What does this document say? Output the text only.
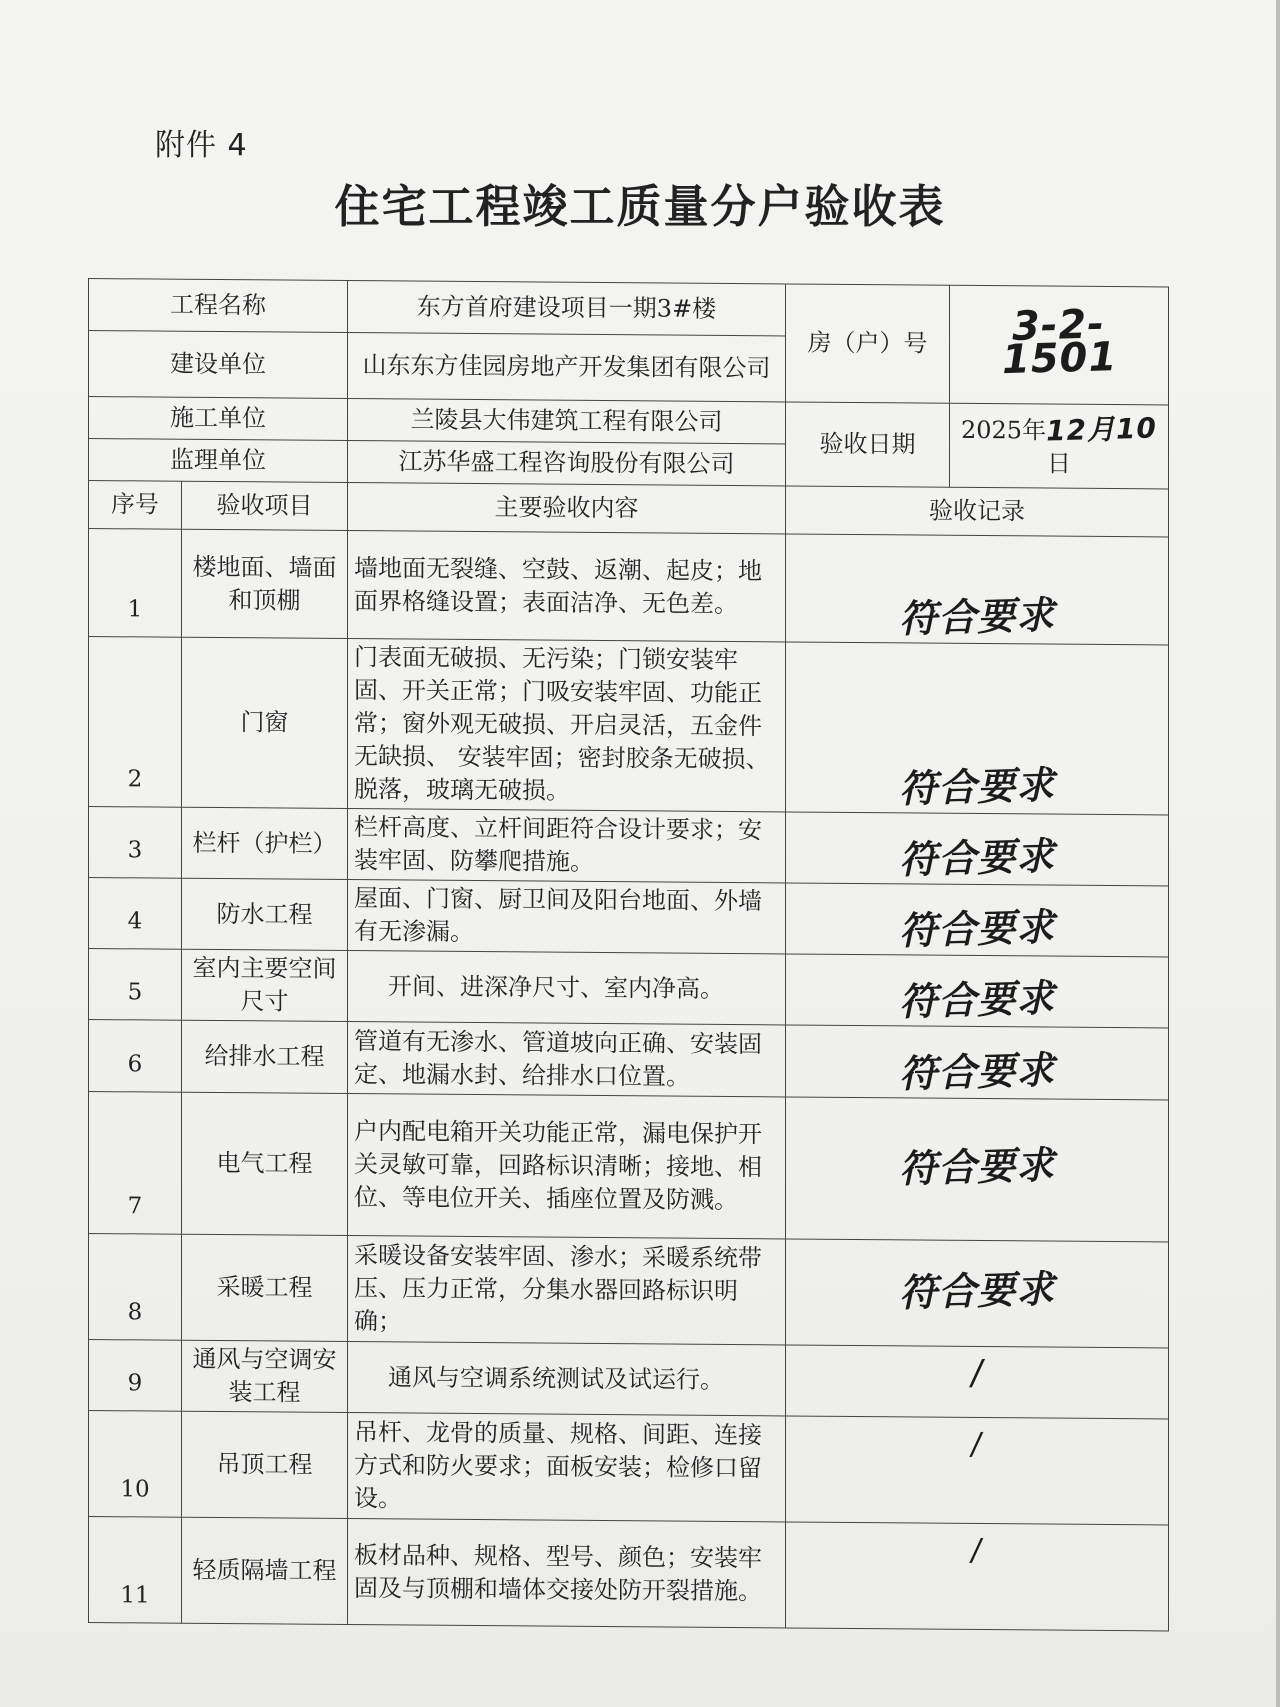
附件 4
住宅工程竣工质量分户验收表
工程名称		东方首府建设项目一期3#楼	房（户）号	3-2-1501
建设单位		山东东方佳园房地产开发集团有限公司		
施工单位		兰陵县大伟建筑工程有限公司	验收日期	2025年12月10日
监理单位		江苏华盛工程咨询股份有限公司		
序号	验收项目	主要验收内容	验收记录	
1	楼地面、墙面和顶棚	墙地面无裂缝、空鼓、返潮、起皮；地面界格缝设置；表面洁净、无色差。	符合要求	
2	门窗	门表面无破损、无污染；门锁安装牢固、开关正常；门吸安装牢固、功能正常；窗外观无破损、开启灵活，五金件无缺损、 安装牢固；密封胶条无破损、脱落，玻璃无破损。	符合要求	
3	栏杆（护栏）	栏杆高度、立杆间距符合设计要求；安装牢固、防攀爬措施。	符合要求	
4	防水工程	屋面、门窗、厨卫间及阳台地面、外墙有无渗漏。	符合要求	
5	室内主要空间尺寸	开间、进深净尺寸、室内净高。	符合要求	
6	给排水工程	管道有无渗水、管道坡向正确、安装固定、地漏水封、给排水口位置。	符合要求	
7	电气工程	户内配电箱开关功能正常，漏电保护开关灵敏可靠，回路标识清晰；接地、相位、等电位开关、插座位置及防溅。	符合要求	
8	采暖工程	采暖设备安装牢固、渗水；采暖系统带压、压力正常，分集水器回路标识明确；	符合要求	
9	通风与空调安装工程	通风与空调系统测试及试运行。	/	
10	吊顶工程	吊杆、龙骨的质量、规格、间距、连接方式和防火要求；面板安装；检修口留设。	/	
11	轻质隔墙工程	板材品种、规格、型号、颜色；安装牢固及与顶棚和墙体交接处防开裂措施。	/	
